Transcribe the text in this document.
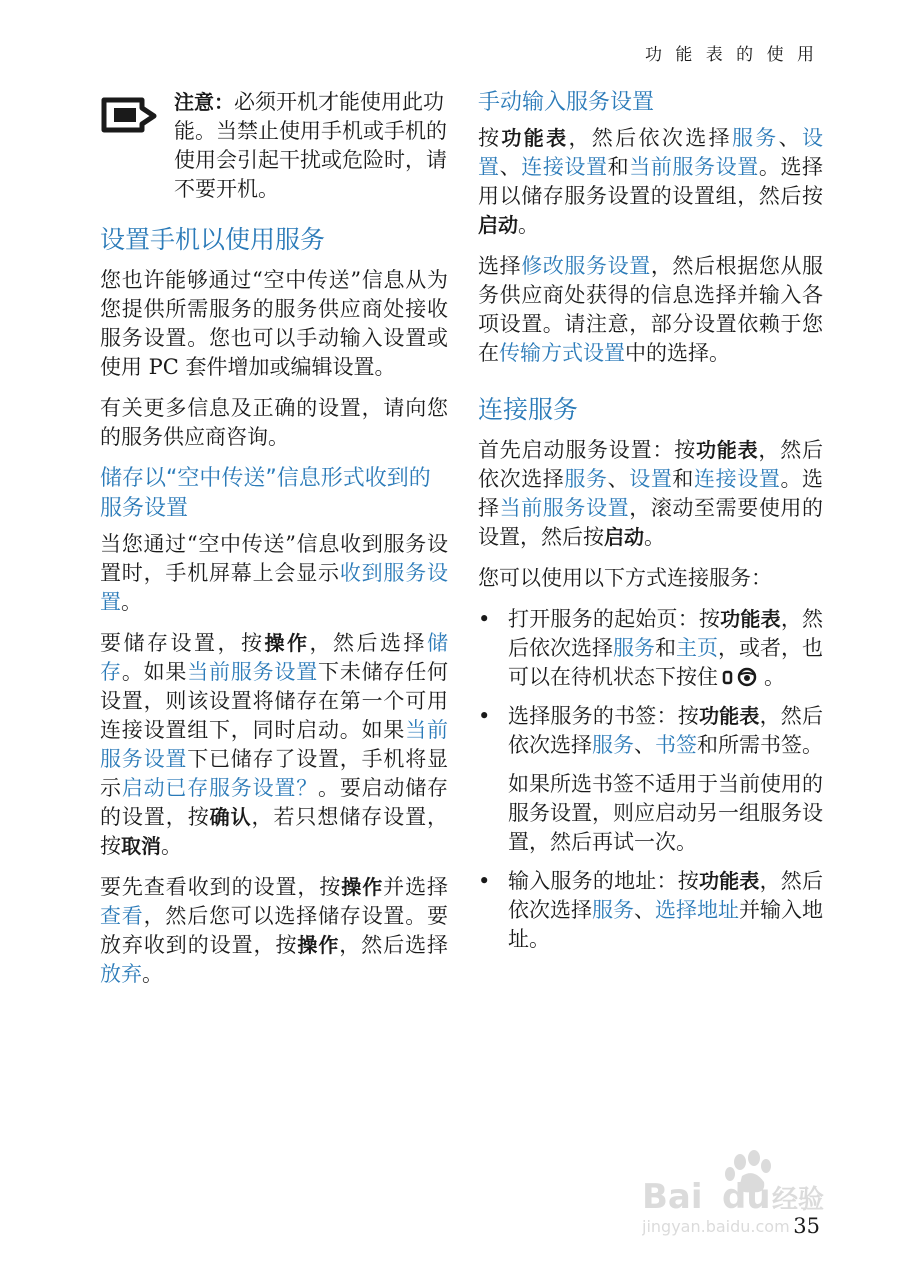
功 能 表 的 使 用

注意：必须开机才能使用此功能。当禁止使用手机或手机的使用会引起干扰或危险时，请不要开机。

设置手机以使用服务

您也许能够通过“空中传送”信息从为您提供所需服务的服务供应商处接收服务设置。您也可以手动输入设置或使用 PC 套件增加或编辑设置。

有关更多信息及正确的设置，请向您的服务供应商咨询。

储存以“空中传送”信息形式收到的服务设置

当您通过“空中传送”信息收到服务设置时，手机屏幕上会显示收到服务设置。

要储存设置，按操作，然后选择储存。如果当前服务设置下未储存任何设置，则该设置将储存在第一个可用连接设置组下，同时启动。如果当前服务设置下已储存了设置，手机将显示启动已存服务设置？。要启动储存的设置，按确认，若只想储存设置，按取消。

要先查看收到的设置，按操作并选择查看，然后您可以选择储存设置。要放弃收到的设置，按操作，然后选择放弃。

手动输入服务设置

按功能表，然后依次选择服务、设置、连接设置和当前服务设置。选择用以储存服务设置的设置组，然后按启动。

选择修改服务设置，然后根据您从服务供应商处获得的信息选择并输入各项设置。请注意，部分设置依赖于您在传输方式设置中的选择。

连接服务

首先启动服务设置：按功能表，然后依次选择服务、设置和连接设置。选择当前服务设置，滚动至需要使用的设置，然后按启动。

您可以使用以下方式连接服务：

• 打开服务的起始页：按功能表，然后依次选择服务和主页，或者，也可以在待机状态下按住 。

• 选择服务的书签：按功能表，然后依次选择服务、书签和所需书签。

如果所选书签不适用于当前使用的服务设置，则应启动另一组服务设置，然后再试一次。

• 输入服务的地址：按功能表，然后依次选择服务、选择地址并输入地址。

Bai du 经验
jingyan.baidu.com 35
